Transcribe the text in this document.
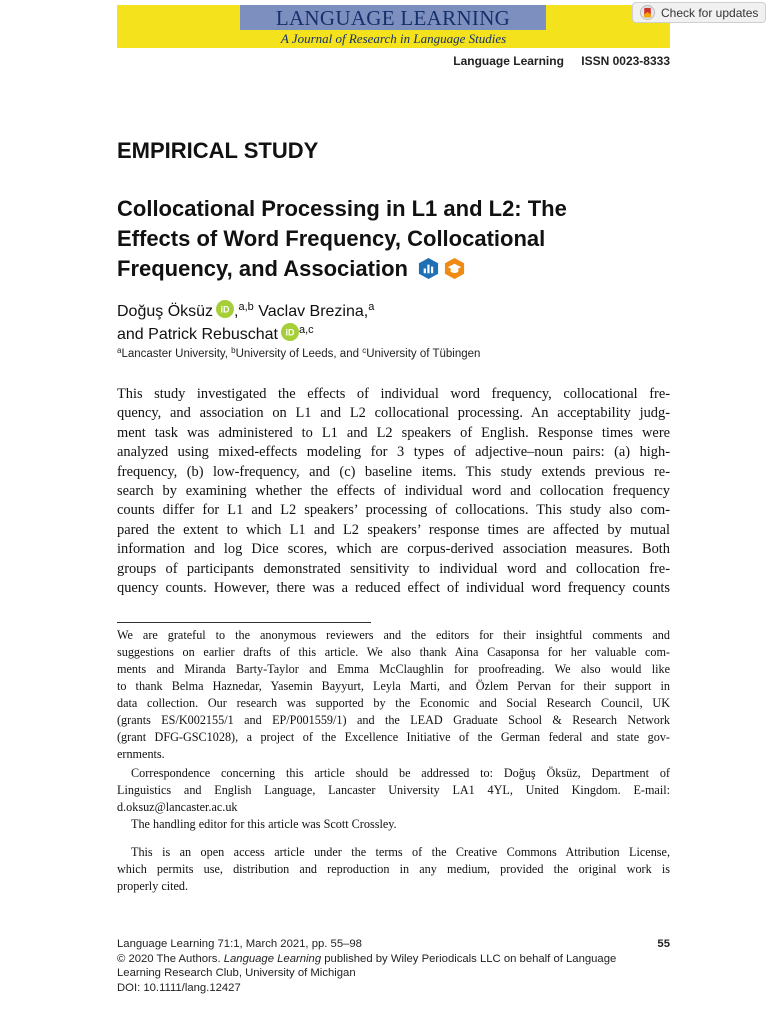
LANGUAGE LEARNING
A Journal of Research in Language Studies
Check for updates
Language Learning ISSN 0023-8333
EMPIRICAL STUDY
Collocational Processing in L1 and L2: The
Effects of Word Frequency, Collocational
Frequency, and Association
Doğuş Öksüz iD ,$^{a,b}$ Vaclav Brezina,$^a$
and Patrick Rebuschat iD $^{a,c}$
$^a$Lancaster University, $^b$University of Leeds, and $^c$University of Tübingen
This study investigated the effects of individual word frequency, collocational fre-
quency, and association on L1 and L2 collocational processing. An acceptability judg-
ment task was administered to L1 and L2 speakers of English. Response times were
analyzed using mixed-effects modeling for 3 types of adjective–noun pairs: (a) high-
frequency, (b) low-frequency, and (c) baseline items. This study extends previous re-
search by examining whether the effects of individual word and collocation frequency
counts differ for L1 and L2 speakers’ processing of collocations. This study also com-
pared the extent to which L1 and L2 speakers’ response times are affected by mutual
information and log Dice scores, which are corpus-derived association measures. Both
groups of participants demonstrated sensitivity to individual word and collocation fre-
quency counts. However, there was a reduced effect of individual word frequency counts
We are grateful to the anonymous reviewers and the editors for their insightful comments and
suggestions on earlier drafts of this article. We also thank Aina Casaponsa for her valuable com-
ments and Miranda Barty-Taylor and Emma McClaughlin for proofreading. We also would like
to thank Belma Haznedar, Yasemin Bayyurt, Leyla Marti, and Özlem Pervan for their support in
data collection. Our research was supported by the Economic and Social Research Council, UK
(grants ES/K002155/1 and EP/P001559/1) and the LEAD Graduate School & Research Network
(grant DFG-GSC1028), a project of the Excellence Initiative of the German federal and state gov-
ernments.
Correspondence concerning this article should be addressed to: Doğuş Öksüz, Department of
Linguistics and English Language, Lancaster University LA1 4YL, United Kingdom. E-mail:
d.oksuz@lancaster.ac.uk
The handling editor for this article was Scott Crossley.
This is an open access article under the terms of the Creative Commons Attribution License,
which permits use, distribution and reproduction in any medium, provided the original work is
properly cited.
Language Learning 71:1, March 2021, pp. 55–98	55
© 2020 The Authors. Language Learning published by Wiley Periodicals LLC on behalf of Language
Learning Research Club, University of Michigan
DOI: 10.1111/lang.12427
